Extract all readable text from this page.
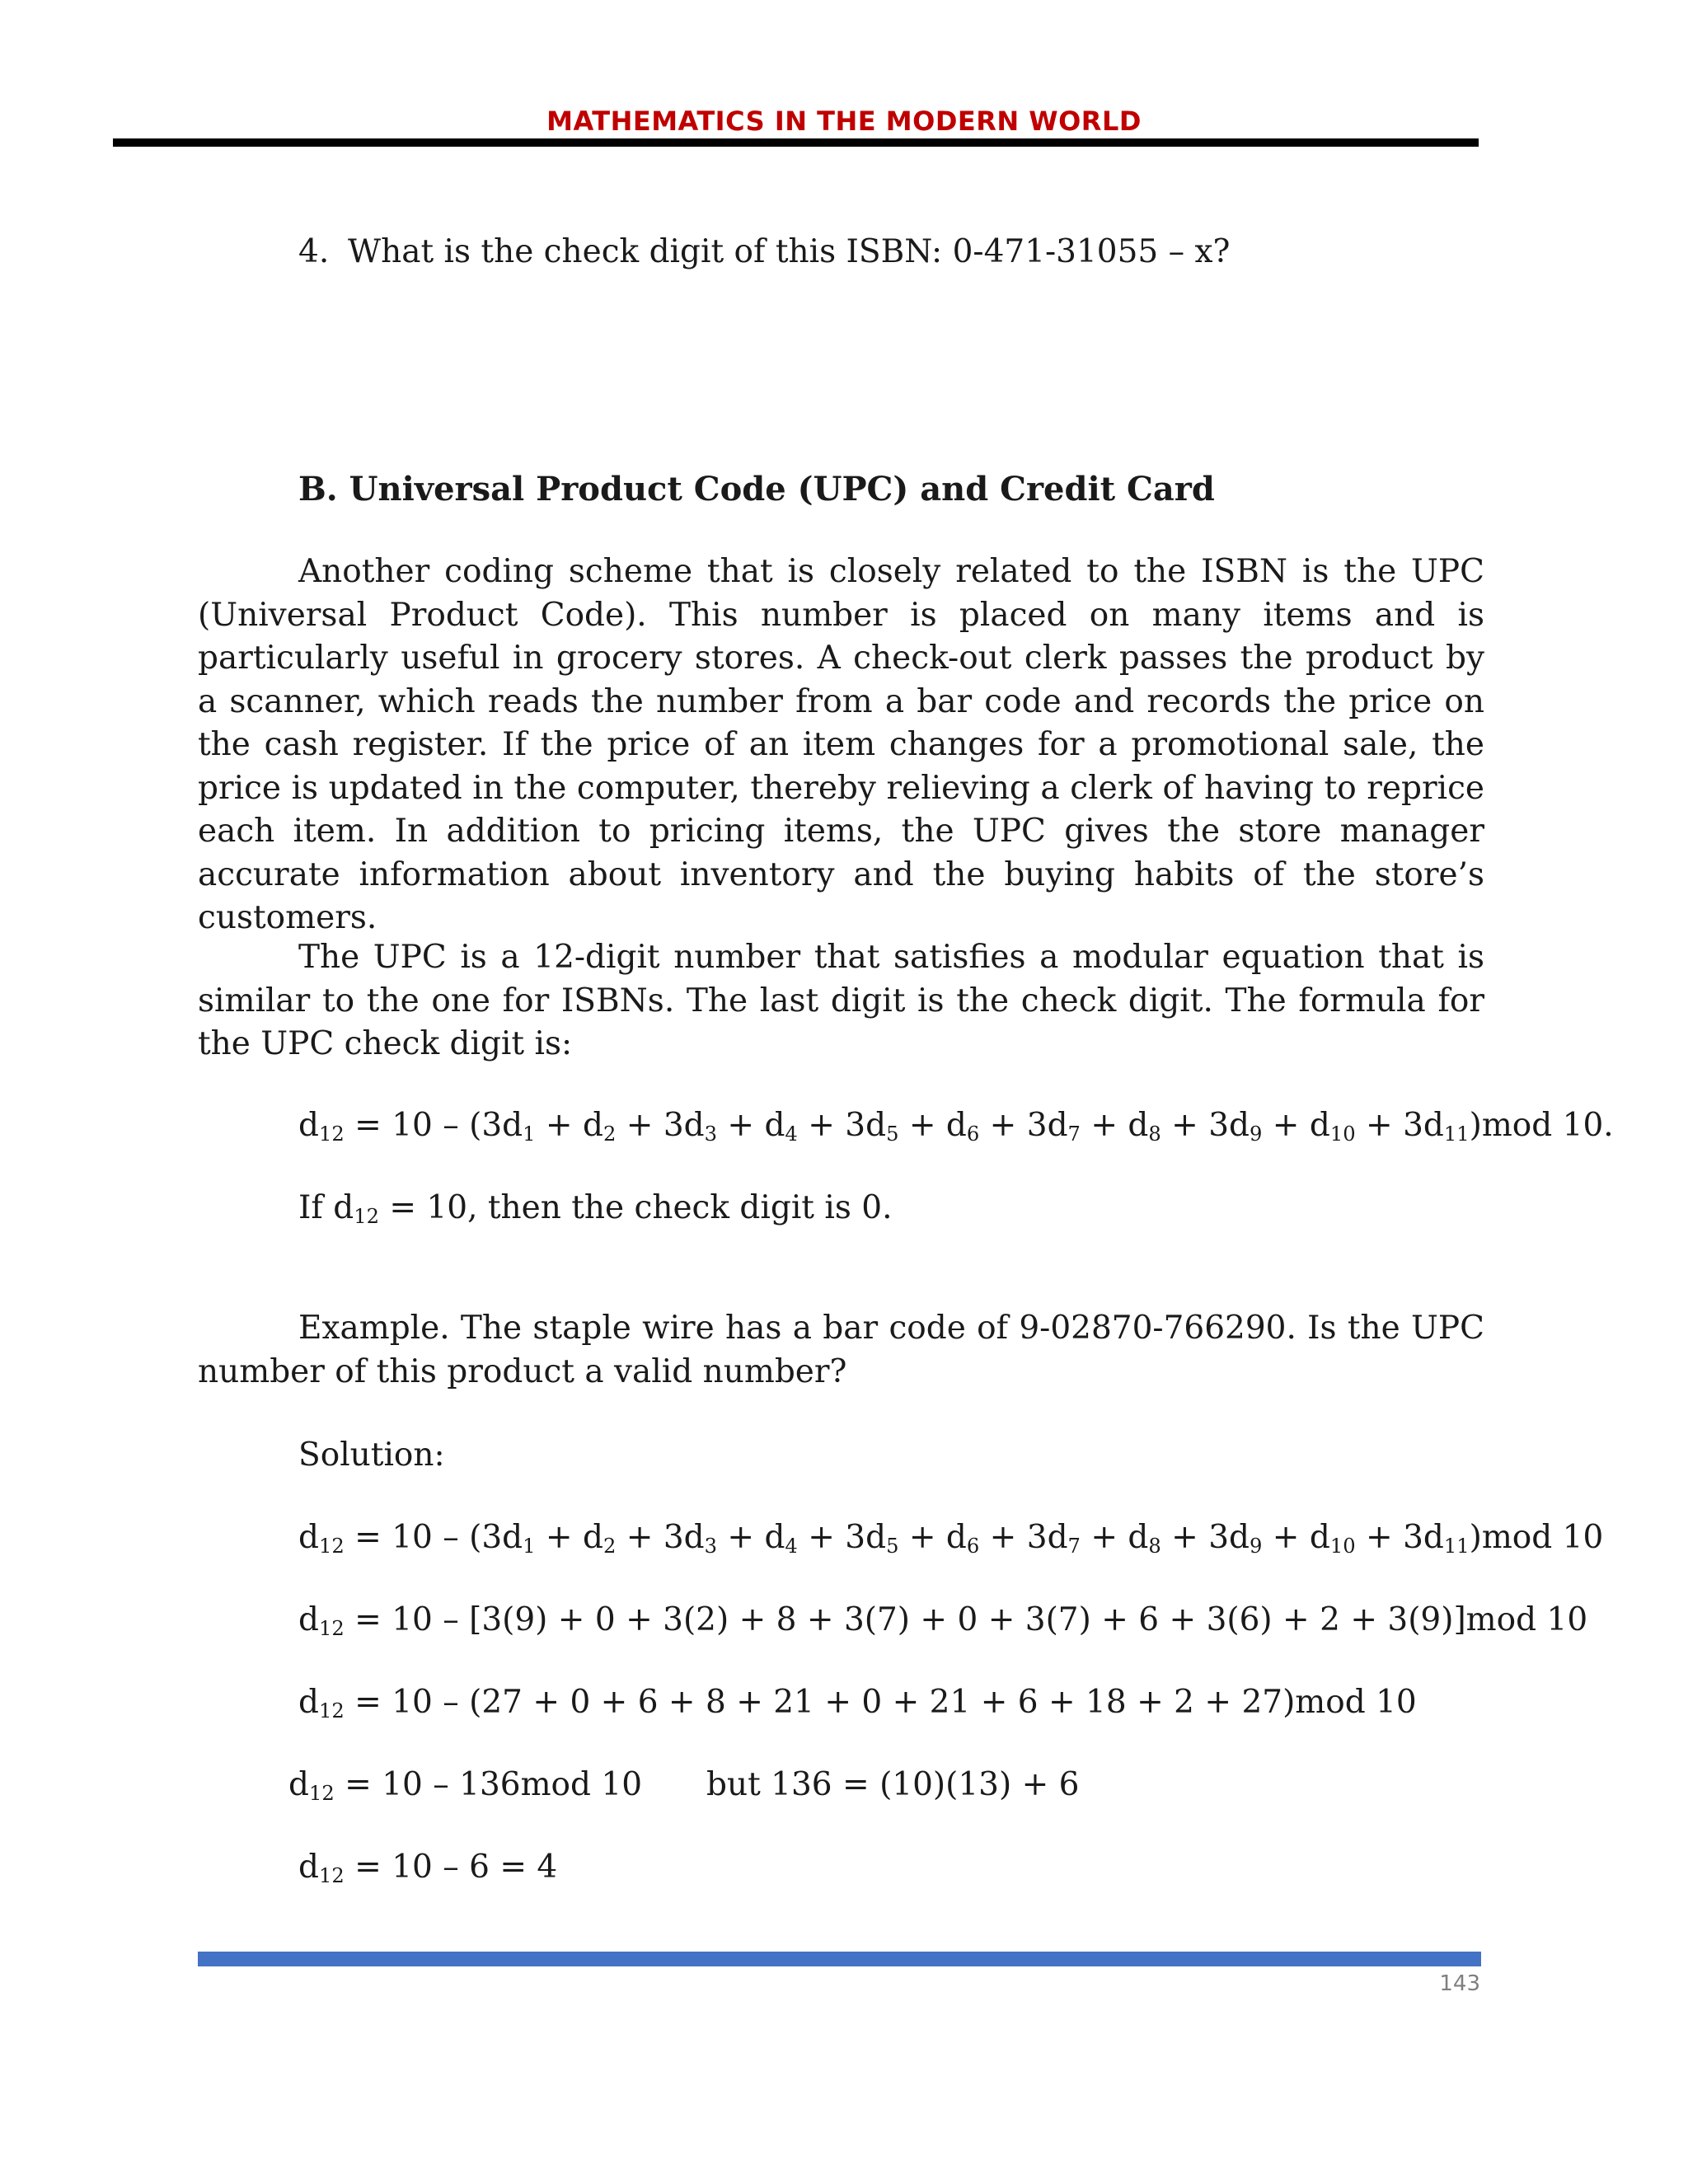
MATHEMATICS IN THE MODERN WORLD
4. What is the check digit of this ISBN: 0-471-31055 – x?
B. Universal Product Code (UPC) and Credit Card
Another coding scheme that is closely related to the ISBN is the UPC (Universal Product Code). This number is placed on many items and is particularly useful in grocery stores. A check-out clerk passes the product by a scanner, which reads the number from a bar code and records the price on the cash register. If the price of an item changes for a promotional sale, the price is updated in the computer, thereby relieving a clerk of having to reprice each item. In addition to pricing items, the UPC gives the store manager accurate information about inventory and the buying habits of the store’s customers.
The UPC is a 12-digit number that satisfies a modular equation that is similar to the one for ISBNs. The last digit is the check digit. The formula for the UPC check digit is:
$d_{12} = 10 - (3d_1 + d_2 + 3d_3 + d_4 + 3d_5 + d_6 + 3d_7 + d_8 + 3d_9 + d_{10} + 3d_{11})mod$ 10.
If $d_{12} = 10$, then the check digit is 0.
Example. The staple wire has a bar code of 9-02870-766290. Is the UPC number of this product a valid number?
Solution:
$d_{12} = 10 - (3d_1 + d_2 + 3d_3 + d_4 + 3d_5 + d_6 + 3d_7 + d_8 + 3d_9 + d_{10} + 3d_{11})mod$ 10
$d_{12} = 10 - [3(9) + 0 + 3(2) + 8 + 3(7) + 0 + 3(7) + 6 + 3(6) + 2 + 3(9)]mod$ 10
$d_{12} = 10 - (27 + 0 + 6 + 8 + 21 + 0 + 21 + 6 + 18 + 2 + 27)mod$ 10
$d_{12} = 10 - 136mod$ 10 but 136 = (10)(13) + 6
$d_{12} = 10 - 6 = 4$
143
